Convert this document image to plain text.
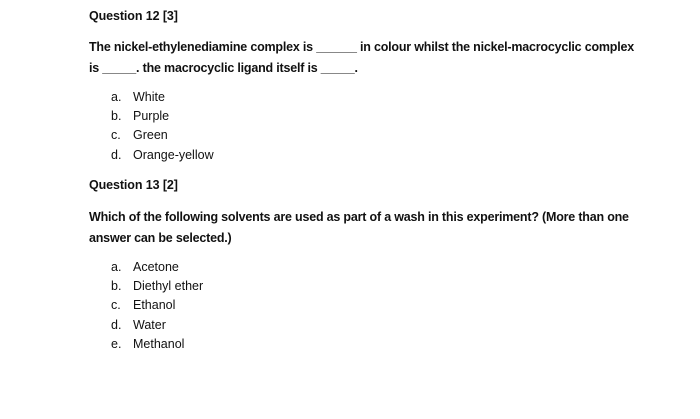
Question 12 [3]
The nickel-ethylenediamine complex is ______ in colour whilst the nickel-macrocyclic complex
is _____. the macrocyclic ligand itself is _____.
a. White
b. Purple
c. Green
d. Orange-yellow
Question 13 [2]
Which of the following solvents are used as part of a wash in this experiment? (More than one
answer can be selected.)
a. Acetone
b. Diethyl ether
c. Ethanol
d. Water
e. Methanol
